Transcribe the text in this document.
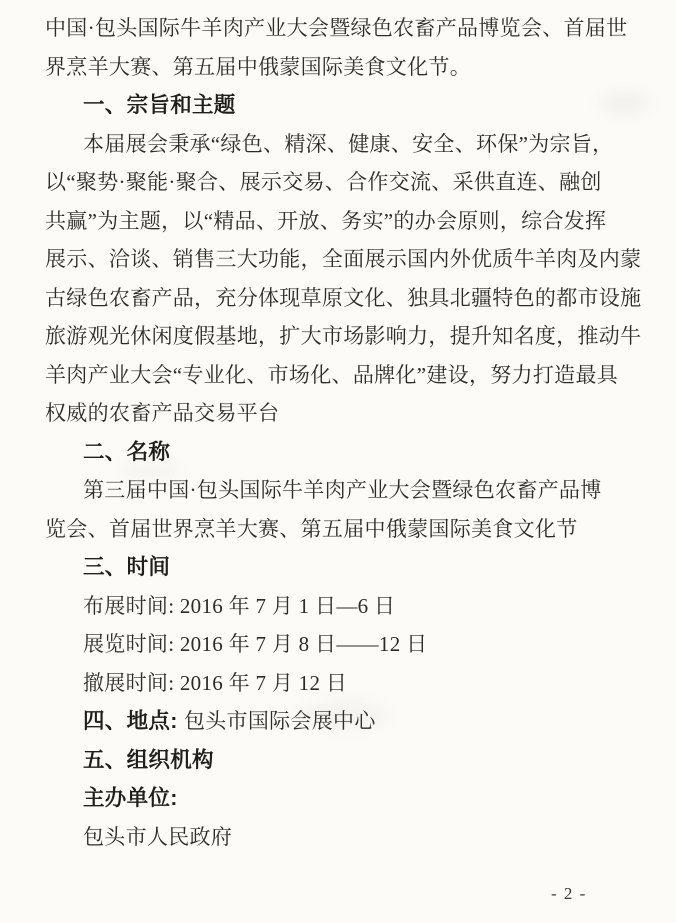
中国·包头国际牛羊肉产业大会暨绿色农畜产品博览会、首届世
界烹羊大赛、第五届中俄蒙国际美食文化节。
一、宗旨和主题
本届展会秉承“绿色、精深、健康、安全、环保”为宗旨，
以“聚势·聚能·聚合、展示交易、合作交流、采供直连、融创
共赢”为主题，以“精品、开放、务实”的办会原则，综合发挥
展示、洽谈、销售三大功能，全面展示国内外优质牛羊肉及内蒙
古绿色农畜产品，充分体现草原文化、独具北疆特色的都市设施
旅游观光休闲度假基地，扩大市场影响力，提升知名度，推动牛
羊肉产业大会“专业化、市场化、品牌化”建设，努力打造最具
权威的农畜产品交易平台
二、名称
第三届中国·包头国际牛羊肉产业大会暨绿色农畜产品博
览会、首届世界烹羊大赛、第五届中俄蒙国际美食文化节
三、时间
布展时间: 2016 年 7 月 1 日—6 日
展览时间: 2016 年 7 月 8 日——12 日
撤展时间: 2016 年 7 月 12 日
四、地点: 包头市国际会展中心
五、组织机构
主办单位:
包头市人民政府
- 2 -
